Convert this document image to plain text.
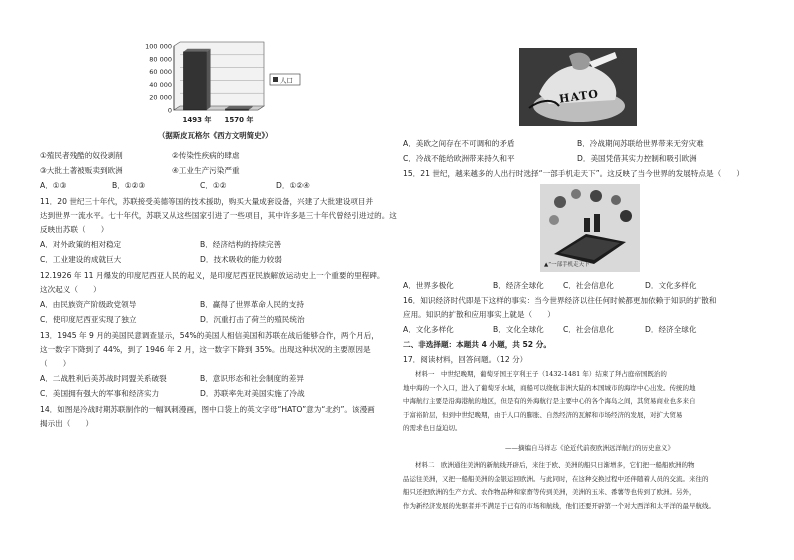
100 000
80 000
60 000
40 000
20 000
0
1493 年 1570 年
人口
（据斯皮瓦格尔《西方文明简史》）
①殖民者残酷的奴役剥削	②传染性疾病的肆虐
③大批土著被贩卖到欧洲	④工业生产污染严重
A．①③	B．①②③	C．①②	D．①②④
11．20 世纪三十年代，苏联接受美德等国的技术援助，购买大量成套设备，兴建了大批建设项目并
达到世界一流水平。七十年代，苏联又从这些国家引进了一些项目，其中许多是三十年代曾经引进过的。这
反映出苏联（　　）
A．对外政策的相对稳定	B．经济结构的持续完善
C．工业建设的成就巨大	D．技术吸收的能力较弱
12.1926 年 11 月爆发的印度尼西亚人民的起义，是印度尼西亚民族解放运动史上一个重要的里程碑。
这次起义（　　）
A．由民族资产阶级政党领导	B．赢得了世界革命人民的支持
C．使印度尼西亚实现了独立	D．沉重打击了荷兰的殖民统治
13．1945 年 9 月的美国民意调查显示，54%的美国人相信美国和苏联在战后能够合作，两个月后，
这一数字下降到了 44%，到了 1946 年 2 月，这一数字下降到 35%。出现这种状况的主要原因是
（　　）
A．二战胜利后美苏战时同盟关系破裂	B．意识形态和社会制度的差异
C．美国拥有强大的军事和经济实力	D．苏联率先对美国实施了冷战
14．如图是冷战时期苏联制作的一幅讽刺漫画，图中口袋上的英文字母“HATO”意为“北约”。该漫画
揭示出（　　）
HATO
A．美欧之间存在不可调和的矛盾	B．冷战期间苏联给世界带来无穷灾难
C．冷战不能给欧洲带来持久和平	D．美国凭借其实力控制和吸引欧洲
15．21 世纪，越来越多的人出行时选择“一部手机走天下”。这反映了当今世界的发展特点是（　　）
▲“一部手机走天下”
A．世界多极化	B．经济全球化	C．社会信息化	D．文化多样化
16．知识经济时代即是下这样的事实：当今世界经济以往任何时候都更加依赖于知识的扩散和
应用。知识的扩散和应用事实上就是（　　）
A．文化多样化	B．文化全球化	C．社会信息化	D．经济全球化
二、非选择题：本题共 4 小题，共 52 分。
17．阅读材料，回答问题。（12 分）
材料一　中世纪晚期，葡萄牙国王亨利王子（1432-1481 年）结束了拜占庭帝国既治的
地中海的一个入口，进入了葡萄牙水域，商船可以绕航非洲大陆的本国城市的海岸中心出发。传统的地
中海航行主要是沿海港航的地区，但是有的外海航行是主要中心的各个海岛之间，其贸易商业也多来自
于富裕阶层，但到中世纪晚期，由于人口的膨胀、自然经济的瓦解和市场经济的发展，对扩大贸易
的需求也日益迫切。
——摘编自马祥志《论近代前夜欧洲远洋航行的历史意义》
材料二　欧洲通往美洲的新航线开辟后，来往于欧、美洲的船只日渐增多，它们把一船船欧洲的物
品运往美洲，又把一船船美洲的金银运回欧洲。与此同时，在这种交换过程中还伴随着人员的交流。来往的
船只还把欧洲的生产方式、农作物品种和家畜等传到美洲，美洲的玉米、番薯等也传到了欧洲。另外，
作为新经济发展的先驱者并不满足于已有的市场和航线，他们还要开辟第一个对大西洋和太平洋的最早航线。
